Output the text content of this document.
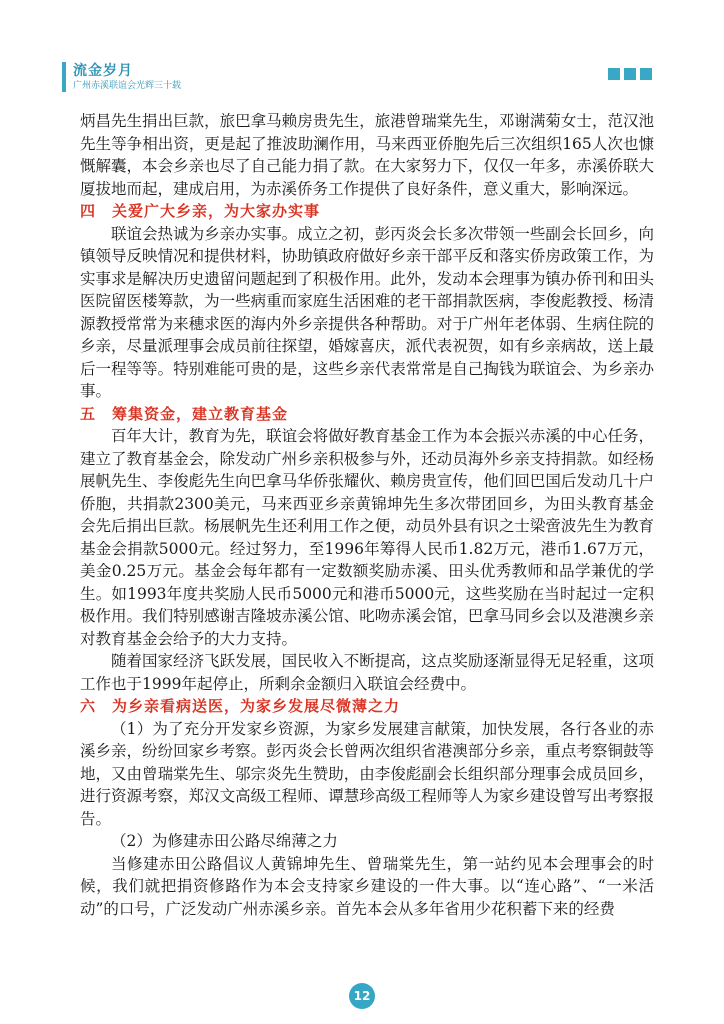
流金岁月
广州赤溪联谊会光辉三十载

炳昌先生捐出巨款，旅巴拿马赖房贵先生，旅港曾瑞棠先生，邓谢满菊女士，范汉池先生等争相出资，更是起了推波助澜作用，马来西亚侨胞先后三次组织165人次也慷慨解囊，本会乡亲也尽了自己能力捐了款。在大家努力下，仅仅一年多，赤溪侨联大厦拔地而起，建成启用，为赤溪侨务工作提供了良好条件，意义重大，影响深远。

四　关爱广大乡亲，为大家办实事

联谊会热诚为乡亲办实事。成立之初，彭丙炎会长多次带领一些副会长回乡，向镇领导反映情况和提供材料，协助镇政府做好乡亲干部平反和落实侨房政策工作，为实事求是解决历史遗留问题起到了积极作用。此外，发动本会理事为镇办侨刊和田头医院留医楼筹款，为一些病重而家庭生活困难的老干部捐款医病，李俊彪教授、杨清源教授常常为来穗求医的海内外乡亲提供各种帮助。对于广州年老体弱、生病住院的乡亲，尽量派理事会成员前往探望，婚嫁喜庆，派代表祝贺，如有乡亲病故，送上最后一程等等。特别难能可贵的是，这些乡亲代表常常是自己掏钱为联谊会、为乡亲办事。

五　筹集资金，建立教育基金

百年大计，教育为先，联谊会将做好教育基金工作为本会振兴赤溪的中心任务，建立了教育基金会，除发动广州乡亲积极参与外，还动员海外乡亲支持捐款。如经杨展帆先生、李俊彪先生向巴拿马华侨张耀伙、赖房贵宣传，他们回巴国后发动几十户侨胞，共捐款2300美元，马来西亚乡亲黄锦坤先生多次带团回乡，为田头教育基金会先后捐出巨款。杨展帆先生还利用工作之便，动员外县有识之士梁啻波先生为教育基金会捐款5000元。经过努力，至1996年筹得人民币1.82万元，港币1.67万元，美金0.25万元。基金会每年都有一定数额奖励赤溪、田头优秀教师和品学兼优的学生。如1993年度共奖励人民币5000元和港币5000元，这些奖励在当时起过一定积极作用。我们特别感谢吉隆坡赤溪公馆、叱吻赤溪会馆，巴拿马同乡会以及港澳乡亲对教育基金会给予的大力支持。

随着国家经济飞跃发展，国民收入不断提高，这点奖励逐渐显得无足轻重，这项工作也于1999年起停止，所剩余金额归入联谊会经费中。

六　为乡亲看病送医，为家乡发展尽微薄之力

（1）为了充分开发家乡资源，为家乡发展建言献策，加快发展，各行各业的赤溪乡亲，纷纷回家乡考察。彭丙炎会长曾两次组织省港澳部分乡亲，重点考察铜鼓等地，又由曾瑞棠先生、邬宗炎先生赞助，由李俊彪副会长组织部分理事会成员回乡，进行资源考察，郑汉文高级工程师、谭慧珍高级工程师等人为家乡建设曾写出考察报告。

（2）为修建赤田公路尽绵薄之力

当修建赤田公路倡议人黄锦坤先生、曾瑞棠先生，第一站约见本会理事会的时候，我们就把捐资修路作为本会支持家乡建设的一件大事。以“连心路”、“一米活动”的口号，广泛发动广州赤溪乡亲。首先本会从多年省用少花积蓄下来的经费

12
